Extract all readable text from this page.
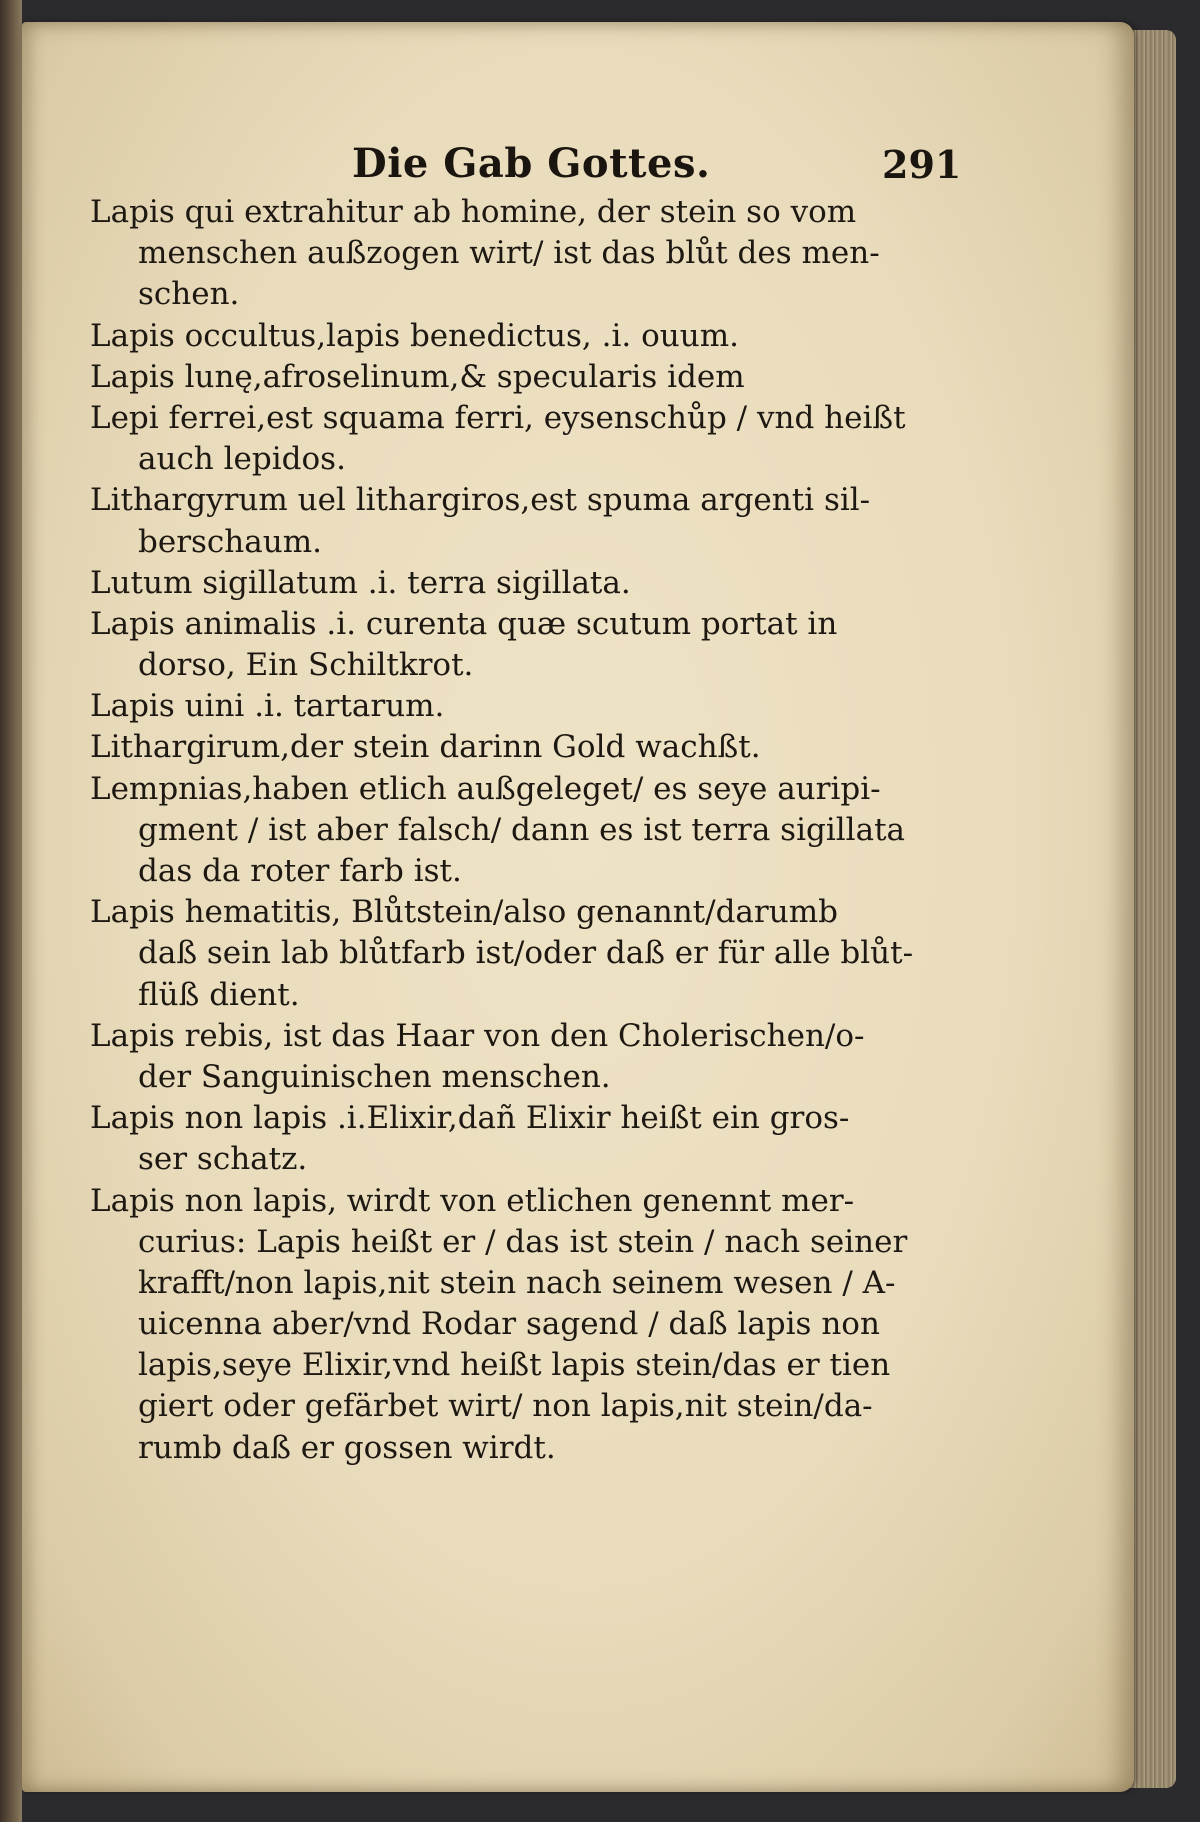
Die Gab Gottes.	291
Lapis qui extrahitur ab homine, der stein so vom
menschen außzogen wirt/ ist das blůt des men-
schen.
Lapis occultus,lapis benedictus, .i. ouum.
Lapis lunę,afroselinum,& specularis idem
Lepi ferrei,est squama ferri, eysenschůp / vnd heißt
auch lepidos.
Lithargyrum uel lithargiros,est spuma argenti sil-
berschaum.
Lutum sigillatum .i. terra sigillata.
Lapis animalis .i. curenta quæ scutum portat in
dorso, Ein Schiltkrot.
Lapis uini .i. tartarum.
Lithargirum,der stein darinn Gold wachßt.
Lempnias,haben etlich außgeleget/ es seye auripi-
gment / ist aber falsch/ dann es ist terra sigillata
das da roter farb ist.
Lapis hematitis, Blůtstein/also genannt/darumb
daß sein lab blůtfarb ist/oder daß er für alle blůt-
flüß dient.
Lapis rebis, ist das Haar von den Cholerischen/o-
der Sanguinischen menschen.
Lapis non lapis .i.Elixir,dañ Elixir heißt ein gros-
ser schatz.
Lapis non lapis, wirdt von etlichen genennt mer-
curius: Lapis heißt er / das ist stein / nach seiner
krafft/non lapis,nit stein nach seinem wesen / A-
uicenna aber/vnd Rodar sagend / daß lapis non
lapis,seye Elixir,vnd heißt lapis stein/das er tien
giert oder gefärbet wirt/ non lapis,nit stein/da-
rumb daß er gossen wirdt.
